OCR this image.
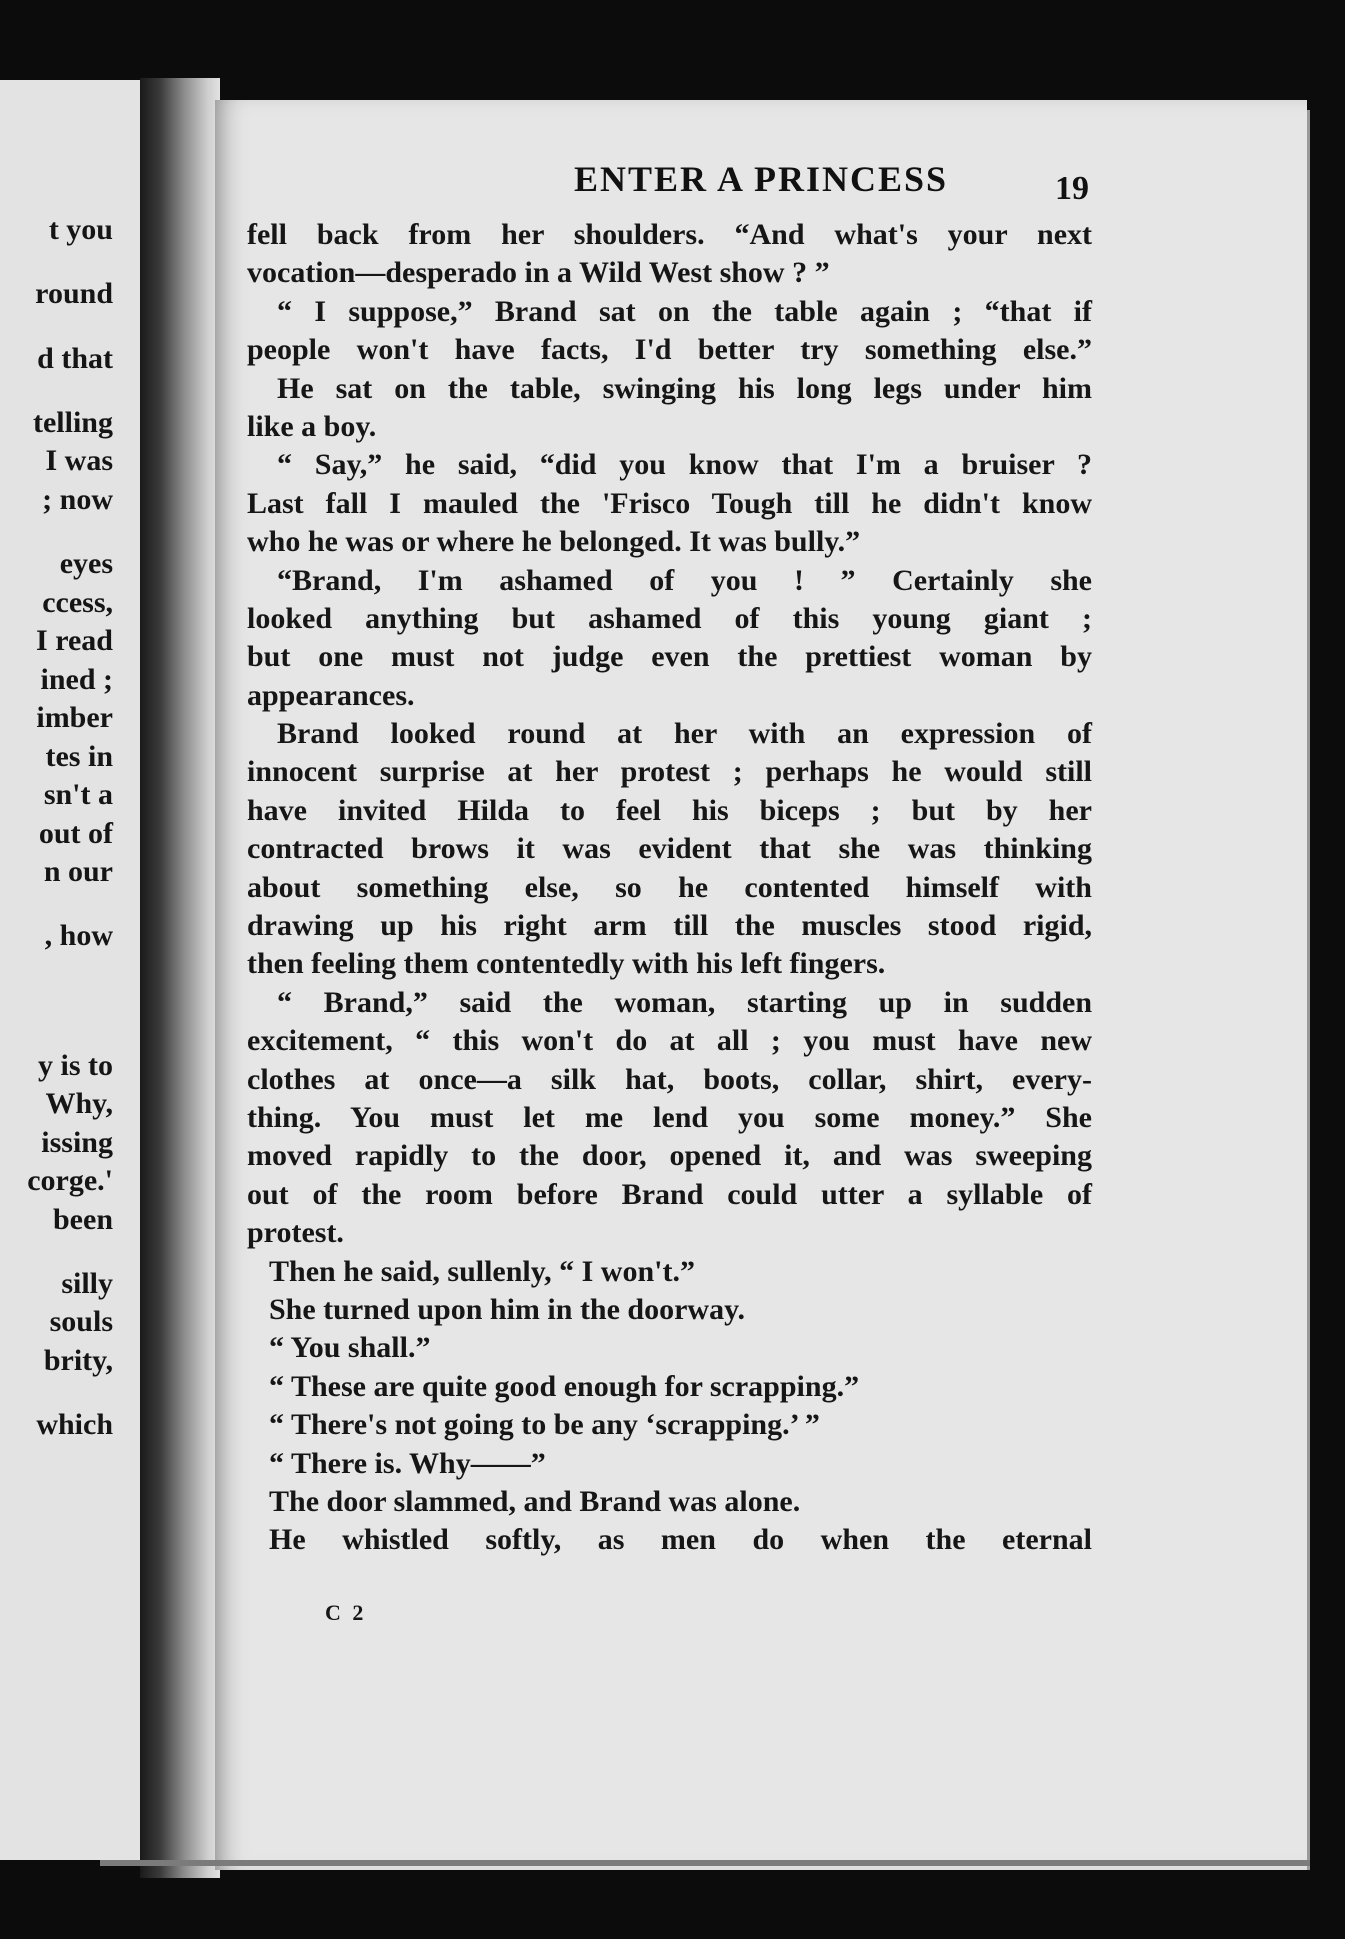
t you
round
d that
telling
I was
; now
eyes
ccess,
I read
ined ;
imber
tes in
sn't a
out of
n our
, how
y is to
Why,
issing
corge.'
been
silly
souls
brity,
which
ENTER A PRINCESS	19
fell back from her shoulders. “And what's your next
vocation—desperado in a Wild West show ? ”
“ I suppose,” Brand sat on the table again ; “that if
people won't have facts, I'd better try something else.”
He sat on the table, swinging his long legs under him
like a boy.
“ Say,” he said, “did you know that I'm a bruiser ?
Last fall I mauled the 'Frisco Tough till he didn't know
who he was or where he belonged. It was bully.”
“Brand, I'm ashamed of you ! ” Certainly she
looked anything but ashamed of this young giant ;
but one must not judge even the prettiest woman by
appearances.
Brand looked round at her with an expression of
innocent surprise at her protest ; perhaps he would still
have invited Hilda to feel his biceps ; but by her
contracted brows it was evident that she was thinking
about something else, so he contented himself with
drawing up his right arm till the muscles stood rigid,
then feeling them contentedly with his left fingers.
“ Brand,” said the woman, starting up in sudden
excitement, “ this won't do at all ; you must have new
clothes at once—a silk hat, boots, collar, shirt, every-
thing. You must let me lend you some money.” She
moved rapidly to the door, opened it, and was sweeping
out of the room before Brand could utter a syllable of
protest.
Then he said, sullenly, “ I won't.”
She turned upon him in the doorway.
“ You shall.”
“ These are quite good enough for scrapping.”
“ There's not going to be any ‘scrapping.’ ”
“ There is. Why——”
The door slammed, and Brand was alone.
He whistled softly, as men do when the eternal
C 2
